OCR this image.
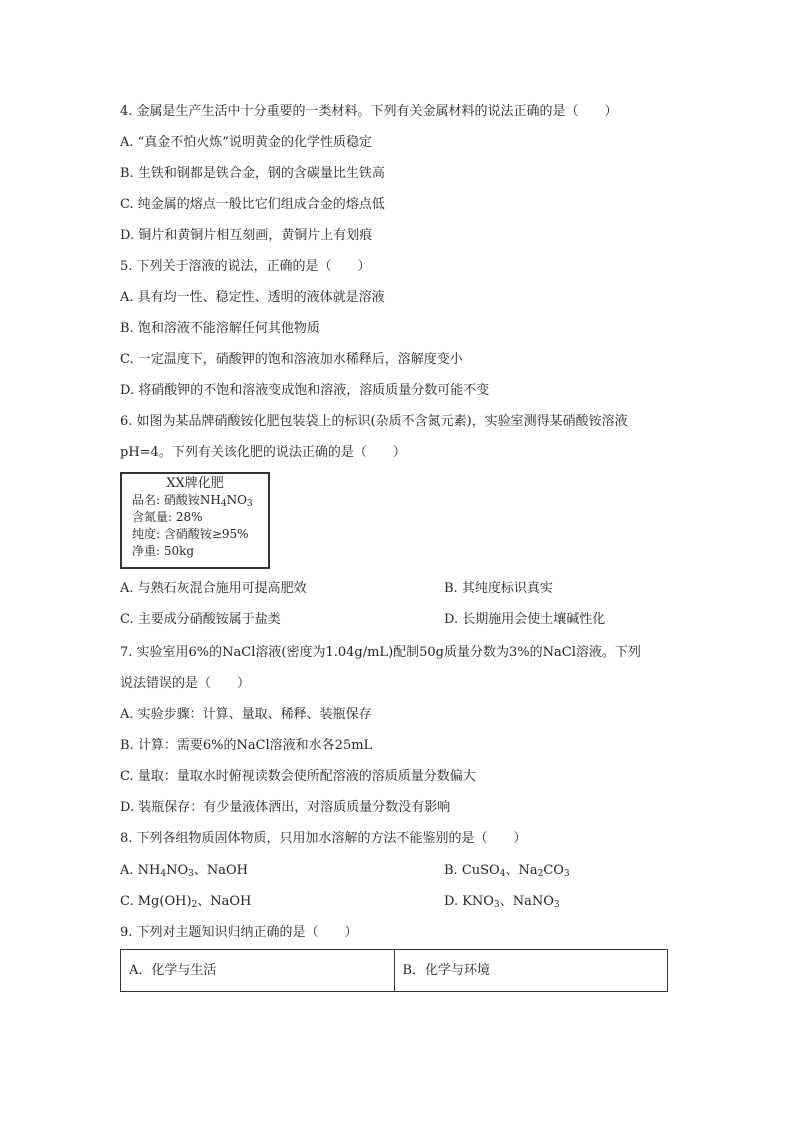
4. 金属是生产生活中十分重要的一类材料。下列有关金属材料的说法正确的是（　　）
A. “真金不怕火炼”说明黄金的化学性质稳定
B. 生铁和钢都是铁合金，钢的含碳量比生铁高
C. 纯金属的熔点一般比它们组成合金的熔点低
D. 铜片和黄铜片相互刻画，黄铜片上有划痕
5. 下列关于溶液的说法，正确的是（　　）
A. 具有均一性、稳定性、透明的液体就是溶液
B. 饱和溶液不能溶解任何其他物质
C. 一定温度下，硝酸钾的饱和溶液加水稀释后，溶解度变小
D. 将硝酸钾的不饱和溶液变成饱和溶液，溶质质量分数可能不变
6. 如图为某品牌硝酸铵化肥包装袋上的标识(杂质不含氮元素)，实验室测得某硝酸铵溶液
pH=4。下列有关该化肥的说法正确的是（　　）
XX牌化肥
品名: 硝酸铵$NH_4NO_3$
含氮量: 28%
纯度: 含硝酸铵≥95%
净重: 50kg
A. 与熟石灰混合施用可提高肥效	B. 其纯度标识真实
C. 主要成分硝酸铵属于盐类	D. 长期施用会使土壤碱性化
7. 实验室用6%的NaCl溶液(密度为1.04g/mL)配制50g质量分数为3%的NaCl溶液。下列
说法错误的是（　　）
A. 实验步骤：计算、量取、稀释、装瓶保存
B. 计算：需要6%的NaCl溶液和水各25mL
C. 量取：量取水时俯视读数会使所配溶液的溶质质量分数偏大
D. 装瓶保存：有少量液体洒出，对溶质质量分数没有影响
8. 下列各组物质固体物质，只用加水溶解的方法不能鉴别的是（　　）
A. $NH_4NO_3$、NaOH	B. CuSO$_4$、$Na_2CO_3$
C. $Mg(OH)_2$、NaOH	D. $KNO_3$、NaNO$_3$
9. 下列对主题知识归纳正确的是（　　）
A．化学与生活	B．化学与环境
